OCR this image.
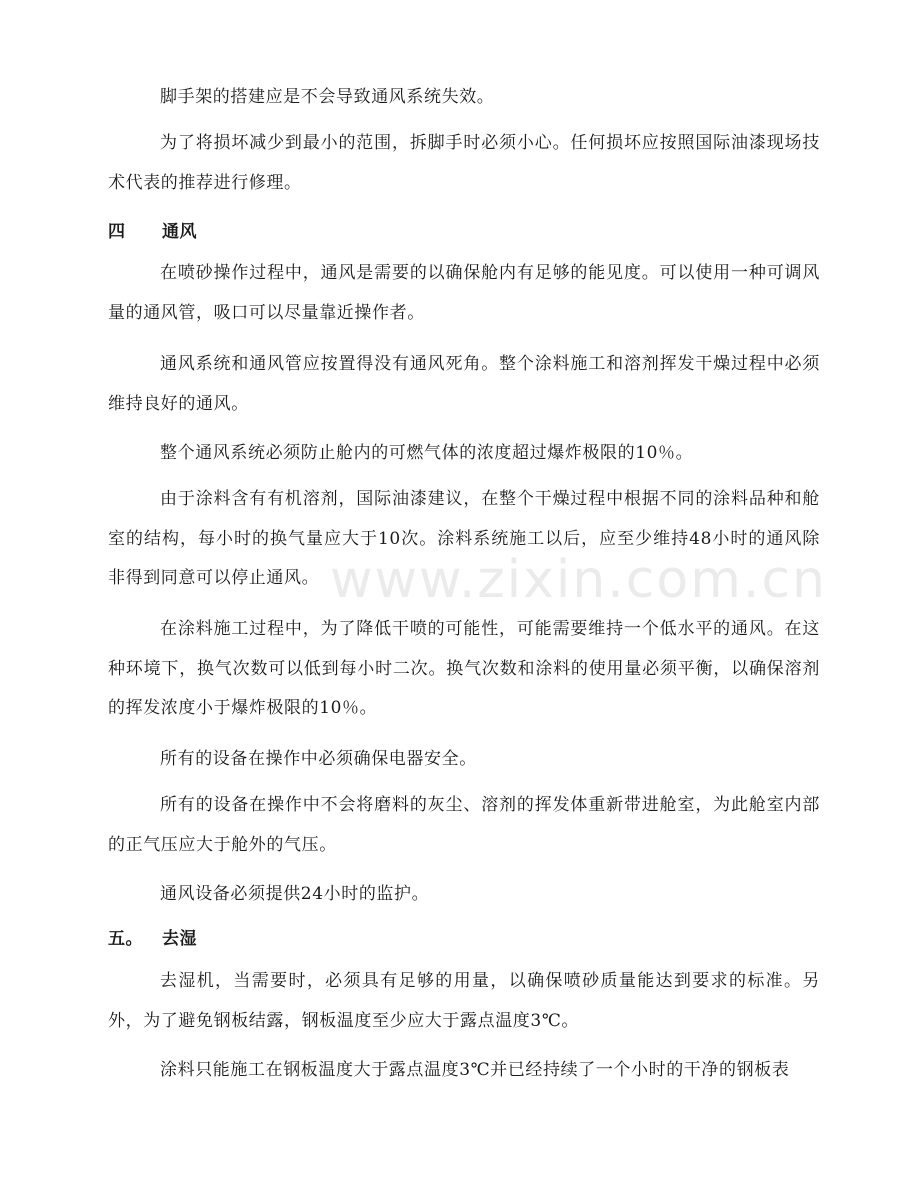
www.zixin.com.cn

脚手架的搭建应是不会导致通风系统失效。

为了将损坏减少到最小的范围，拆脚手时必须小心。任何损坏应按照国际油漆现场技术代表的推荐进行修理。

四 通风

在喷砂操作过程中，通风是需要的以确保舱内有足够的能见度。可以使用一种可调风量的通风管，吸口可以尽量靠近操作者。

通风系统和通风管应按置得没有通风死角。整个涂料施工和溶剂挥发干燥过程中必须维持良好的通风。

整个通风系统必须防止舱内的可燃气体的浓度超过爆炸极限的10％。

由于涂料含有有机溶剂，国际油漆建议，在整个干燥过程中根据不同的涂料品种和舱室的结构，每小时的换气量应大于10次。涂料系统施工以后，应至少维持48小时的通风除非得到同意可以停止通风。

在涂料施工过程中，为了降低干喷的可能性，可能需要维持一个低水平的通风。在这种环境下，换气次数可以低到每小时二次。换气次数和涂料的使用量必须平衡，以确保溶剂的挥发浓度小于爆炸极限的10％。

所有的设备在操作中必须确保电器安全。

所有的设备在操作中不会将磨料的灰尘、溶剂的挥发体重新带进舱室，为此舱室内部的正气压应大于舱外的气压。

通风设备必须提供24小时的监护。

五。 去湿

去湿机，当需要时，必须具有足够的用量，以确保喷砂质量能达到要求的标准。另外，为了避免钢板结露，钢板温度至少应大于露点温度3℃。

涂料只能施工在钢板温度大于露点温度3℃并已经持续了一个小时的干净的钢板表
